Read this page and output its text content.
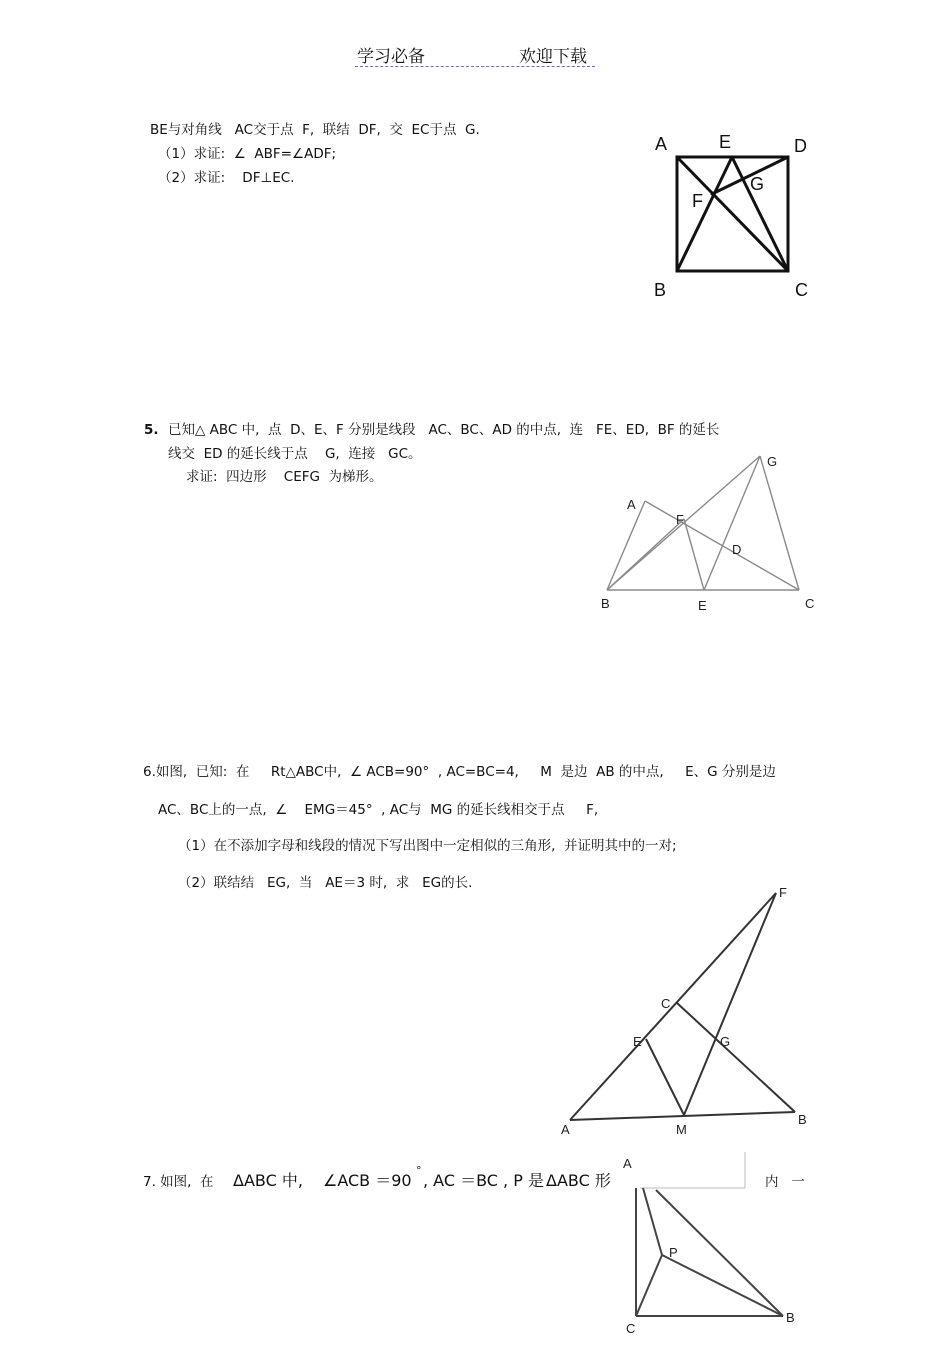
学习必备	欢迎下载
BE与对角线   AC交于点  F,  联结  DF,  交  EC于点  G.
（1）求证:  ∠  ABF=∠ADF;
（2）求证:    DF⊥EC.
5. 已知△ ABC 中,  点  D、E、F 分别是线段   AC、BC、AD 的中点,  连   FE、ED,  BF 的延长
线交  ED 的延长线于点    G,  连接   GC。
求证:  四边形    CEFG  为梯形。
6.如图,  已知:  在     Rt△ABC中,  ∠ ACB=90°  , AC=BC=4,     M  是边  AB 的中点,     E、G 分别是边
AC、BC上的一点,  ∠    EMG＝45°  , AC与  MG 的延长线相交于点     F,
（1）在不添加字母和线段的情况下写出图中一定相似的三角形,  并证明其中的一对;
（2）联结结   EG,  当   AE＝3 时,  求   EG的长.
7. 如图,  在 ΔABC 中, ∠ACB ＝90
°
, AC ＝BC , P 是 ΔABC 形	内   一
A	E	D
G
F
B	C
G
A
F
D
B	E	C
F
C
E	G
A	M
B
A
P
C
B
